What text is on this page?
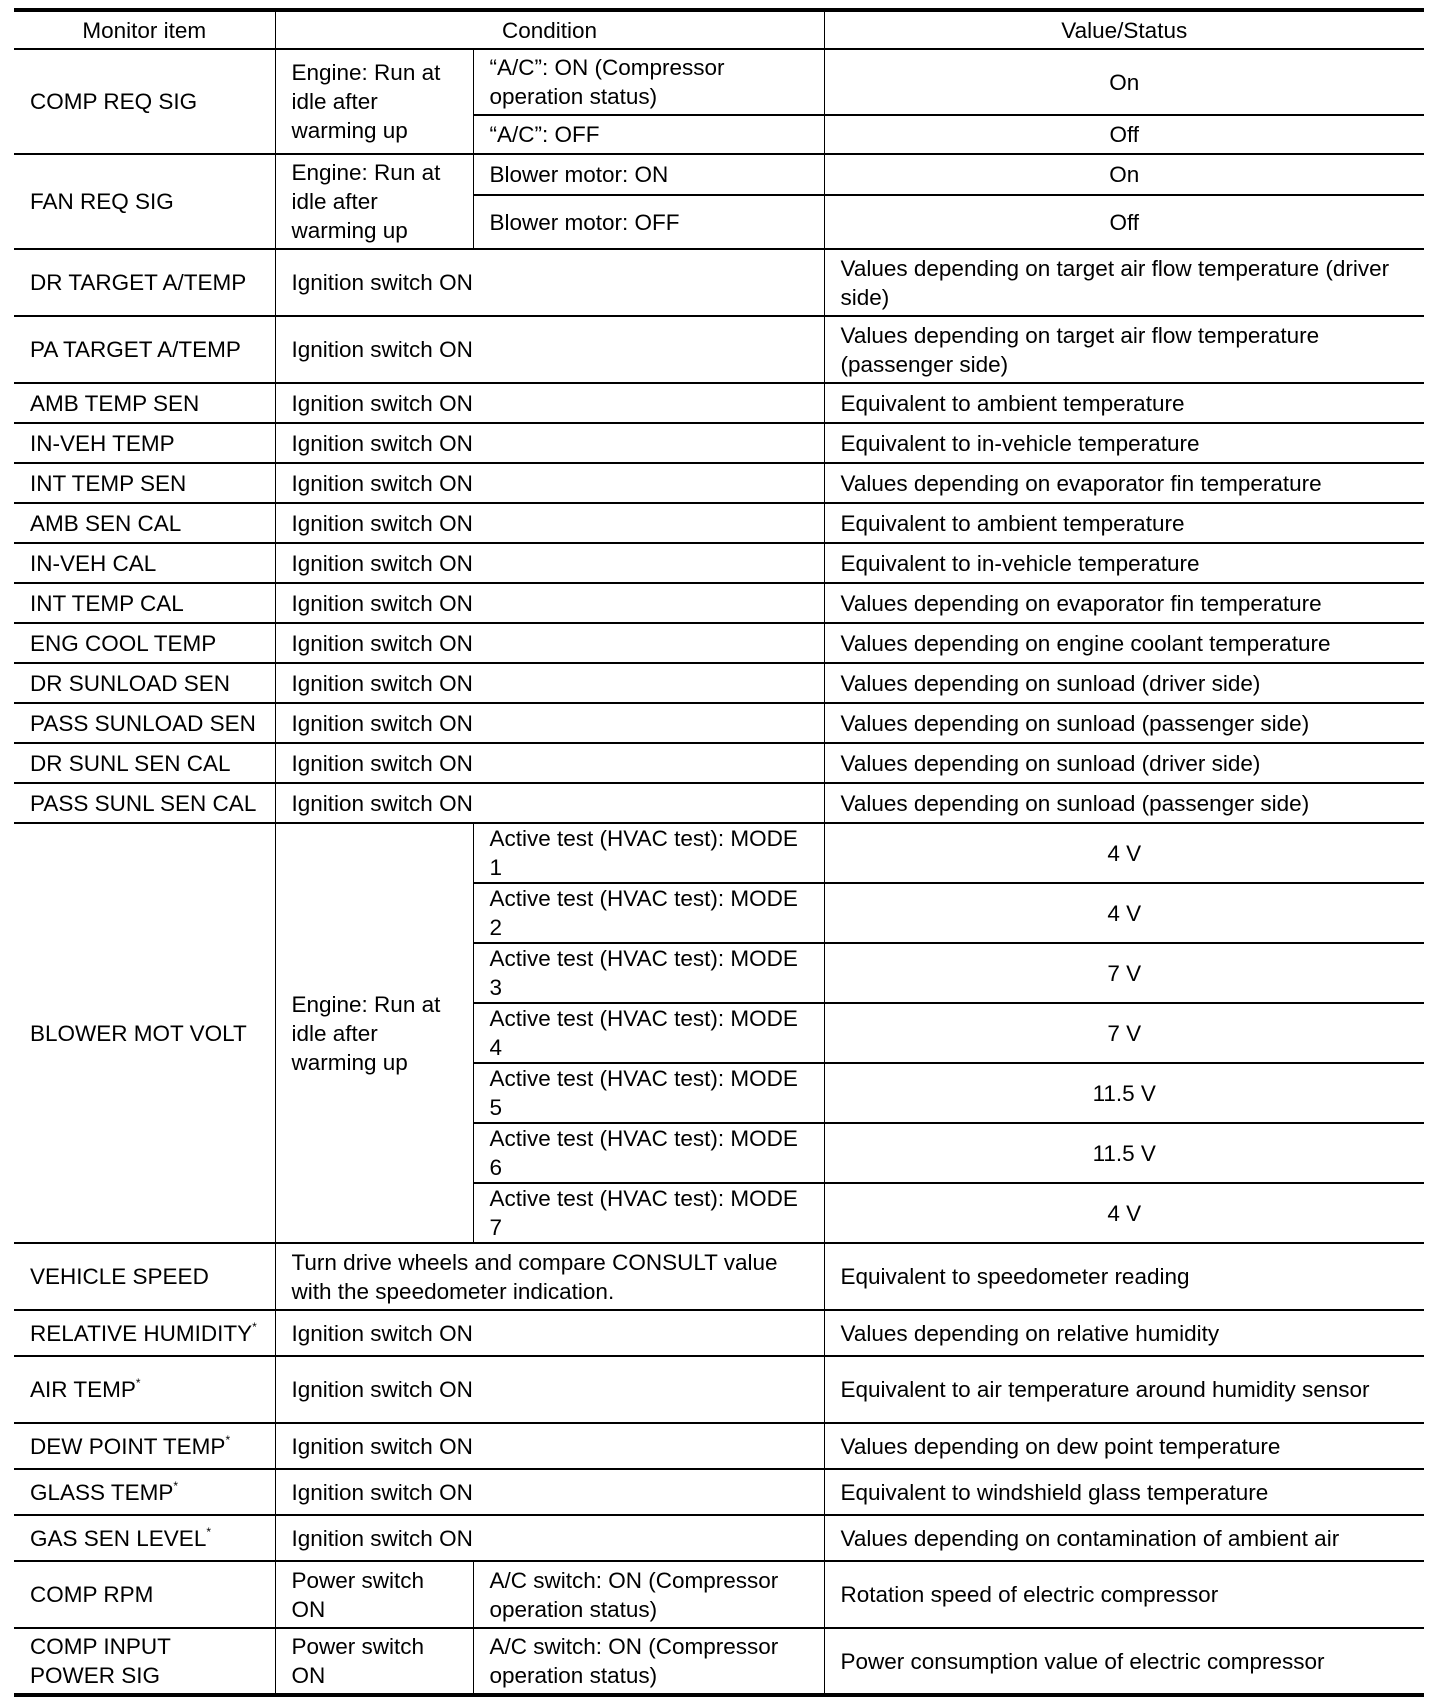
Monitor item	Condition		Value/Status
COMP REQ SIG	Engine: Run at idle after warming up	“A/C”: ON (Compressor operation status)	On
		“A/C”: OFF	Off
FAN REQ SIG	Engine: Run at idle after warming up	Blower motor: ON	On
		Blower motor: OFF	Off
DR TARGET A/TEMP	Ignition switch ON		Values depending on target air flow temperature (driver side)
PA TARGET A/TEMP	Ignition switch ON		Values depending on target air flow temperature (passenger side)
AMB TEMP SEN	Ignition switch ON		Equivalent to ambient temperature
IN-VEH TEMP	Ignition switch ON		Equivalent to in-vehicle temperature
INT TEMP SEN	Ignition switch ON		Values depending on evaporator fin temperature
AMB SEN CAL	Ignition switch ON		Equivalent to ambient temperature
IN-VEH CAL	Ignition switch ON		Equivalent to in-vehicle temperature
INT TEMP CAL	Ignition switch ON		Values depending on evaporator fin temperature
ENG COOL TEMP	Ignition switch ON		Values depending on engine coolant temperature
DR SUNLOAD SEN	Ignition switch ON		Values depending on sunload (driver side)
PASS SUNLOAD SEN	Ignition switch ON		Values depending on sunload (passenger side)
DR SUNL SEN CAL	Ignition switch ON		Values depending on sunload (driver side)
PASS SUNL SEN CAL	Ignition switch ON		Values depending on sunload (passenger side)
BLOWER MOT VOLT	Engine: Run at idle after warming up	Active test (HVAC test): MODE 1	4 V
		Active test (HVAC test): MODE 2	4 V
		Active test (HVAC test): MODE 3	7 V
		Active test (HVAC test): MODE 4	7 V
		Active test (HVAC test): MODE 5	11.5 V
		Active test (HVAC test): MODE 6	11.5 V
		Active test (HVAC test): MODE 7	4 V
VEHICLE SPEED	Turn drive wheels and compare CONSULT value with the speedometer indication.		Equivalent to speedometer reading
RELATIVE HUMIDITY*	Ignition switch ON		Values depending on relative humidity
AIR TEMP*	Ignition switch ON		Equivalent to air temperature around humidity sensor
DEW POINT TEMP*	Ignition switch ON		Values depending on dew point temperature
GLASS TEMP*	Ignition switch ON		Equivalent to windshield glass temperature
GAS SEN LEVEL*	Ignition switch ON		Values depending on contamination of ambient air
COMP RPM	Power switch ON	A/C switch: ON (Compressor operation status)	Rotation speed of electric compressor
COMP INPUT POWER SIG	Power switch ON	A/C switch: ON (Compressor operation status)	Power consumption value of electric compressor
